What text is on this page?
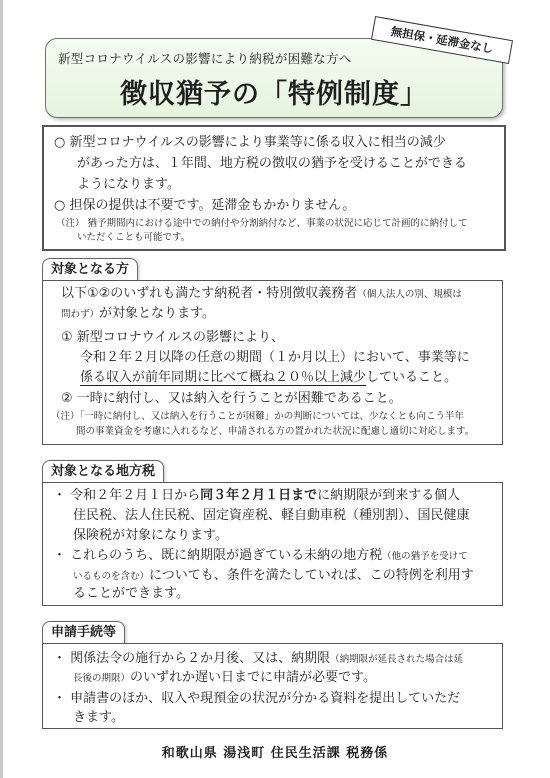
新型コロナウイルスの影響により納税が困難な方へ
徴収猶予の「特例制度」
無担保・延滞金なし
○ 新型コロナウイルスの影響により事業等に係る収入に相当の減少
があった方は、１年間、地方税の徴収の猶予を受けることができる
ようになります。
○ 担保の提供は不要です。延滞金もかかりません。
（注） 猶予期間内における途中での納付や分割納付など、事業の状況に応じて計画的に納付して
いただくことも可能です。
対象となる方
以下①②のいずれも満たす納税者・特別徴収義務者（個人法人の別、規模は
問わず）が対象となります。
① 新型コロナウイルスの影響により、
令和２年２月以降の任意の期間（１か月以上）において、事業等に
係る収入が前年同期に比べて概ね２０％以上減少していること。
② 一時に納付し、又は納入を行うことが困難であること。
（注）「一時に納付し、又は納入を行うことが困難」かの判断については、少なくとも向こう半年
間の事業資金を考慮に入れるなど、申請される方の置かれた状況に配慮し適切に対応します。
対象となる地方税
・ 令和２年２月１日から同３年２月１日までに納期限が到来する個人
住民税、法人住民税、固定資産税、軽自動車税（種別割）、国民健康
保険税が対象になります。
・ これらのうち、既に納期限が過ぎている未納の地方税（他の猶予を受けて
いるものを含む）についても、条件を満たしていれば、この特例を利用す
ることができます。
申請手続等
・ 関係法令の施行から２か月後、又は、納期限（納期限が延長された場合は延
長後の期限）のいずれか遅い日までに申請が必要です。
・ 申請書のほか、収入や現預金の状況が分かる資料を提出していただ
きます。
和歌山県 湯浅町 住民生活課 税務係
